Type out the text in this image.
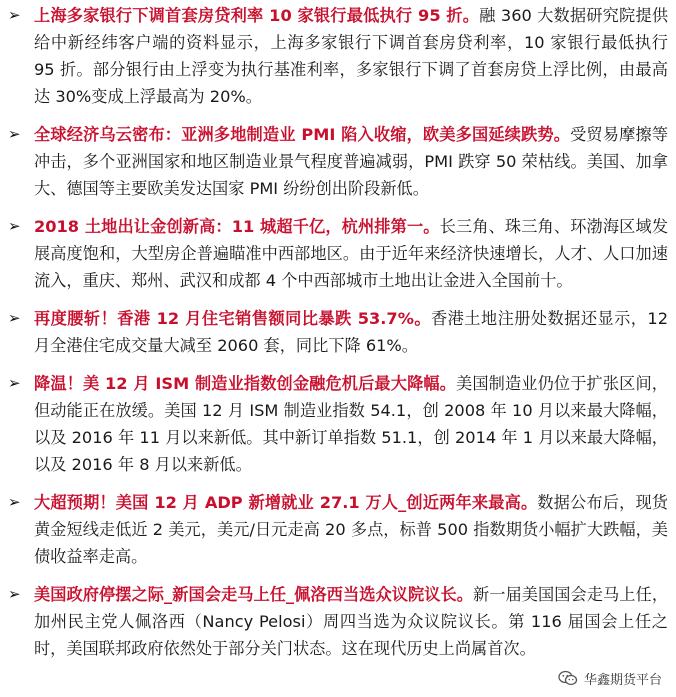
➢ 上海多家银行下调首套房贷利率 10 家银行最低执行 95 折。融 360 大数据研究院提供给中新经纬客户端的资料显示，上海多家银行下调首套房贷利率，10 家银行最低执行 95 折。部分银行由上浮变为执行基准利率，多家银行下调了首套房贷上浮比例，由最高达 30%变成上浮最高为 20%。
➢ 全球经济乌云密布：亚洲多地制造业 PMI 陷入收缩，欧美多国延续跌势。受贸易摩擦等冲击，多个亚洲国家和地区制造业景气程度普遍减弱，PMI 跌穿 50 荣枯线。美国、加拿大、德国等主要欧美发达国家 PMI 纷纷创出阶段新低。
➢ 2018 土地出让金创新高：11 城超千亿，杭州排第一。长三角、珠三角、环渤海区域发展高度饱和，大型房企普遍瞄准中西部地区。由于近年来经济快速增长，人才、人口加速流入，重庆、郑州、武汉和成都 4 个中西部城市土地出让金进入全国前十。
➢ 再度腰斩！香港 12 月住宅销售额同比暴跌 53.7%。香港土地注册处数据还显示，12 月全港住宅成交量大减至 2060 套，同比下降 61%。
➢ 降温！美 12 月 ISM 制造业指数创金融危机后最大降幅。美国制造业仍位于扩张区间，但动能正在放缓。美国 12 月 ISM 制造业指数 54.1，创 2008 年 10 月以来最大降幅，以及 2016 年 11 月以来新低。其中新订单指数 51.1，创 2014 年 1 月以来最大降幅，以及 2016 年 8 月以来新低。
➢ 大超预期！美国 12 月 ADP 新增就业 27.1 万人_创近两年来最高。数据公布后，现货黄金短线走低近 2 美元，美元/日元走高 20 多点，标普 500 指数期货小幅扩大跌幅，美债收益率走高。
➢ 美国政府停摆之际_新国会走马上任_佩洛西当选众议院议长。新一届美国国会走马上任，加州民主党人佩洛西（Nancy Pelosi）周四当选为众议院议长。第 116 届国会上任之时，美国联邦政府依然处于部分关门状态。这在现代历史上尚属首次。
华鑫期货平台
